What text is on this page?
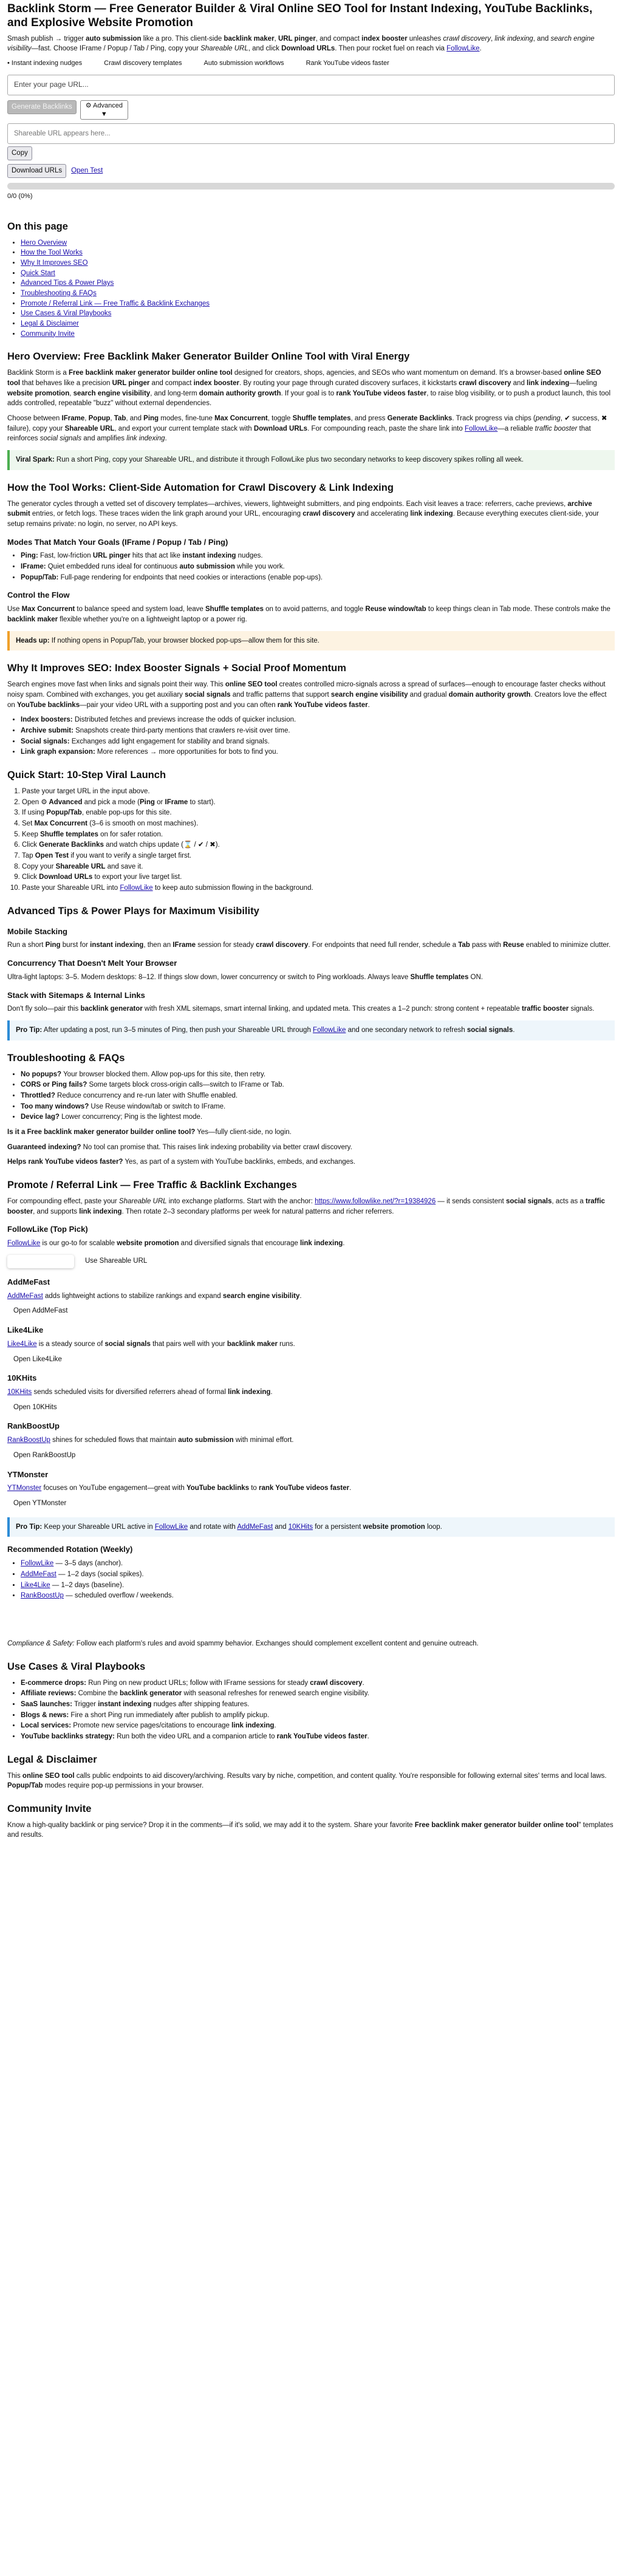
Backlink Storm — Free Generator Builder & Viral Online SEO Tool for Instant Indexing, YouTube Backlinks, and Explosive Website Promotion

Smash publish → trigger auto submission like a pro. This client-side backlink maker, URL pinger, and compact index booster unleashes crawl discovery, link indexing, and search engine visibility—fast. Choose IFrame / Popup / Tab / Ping, copy your Shareable URL, and click Download URLs. Then pour rocket fuel on reach via FollowLike.

• Instant indexing nudges	Crawl discovery templates	Auto submission workflows	Rank YouTube videos faster
Enter your page URL...
Generate Backlinks	⚙ Advanced
▼
Shareable URL appears here...
Copy
Download URLs	Open Test
0/0 (0%)
On this page
• Hero Overview
• How the Tool Works
• Why It Improves SEO
• Quick Start
• Advanced Tips & Power Plays
• Troubleshooting & FAQs
• Promote / Referral Link — Free Traffic & Backlink Exchanges
• Use Cases & Viral Playbooks
• Legal & Disclaimer
• Community Invite
Hero Overview: Free Backlink Maker Generator Builder Online Tool with Viral Energy

Backlink Storm is a Free backlink maker generator builder online tool designed for creators, shops, agencies, and SEOs who want momentum on demand. It's a browser-based online SEO tool that behaves like a precision URL pinger and compact index booster. By routing your page through curated discovery surfaces, it kickstarts crawl discovery and link indexing—fueling website promotion, search engine visibility, and long-term domain authority growth. If your goal is to rank YouTube videos faster, to raise blog visibility, or to push a product launch, this tool adds controlled, repeatable "buzz" without external dependencies.

Choose between IFrame, Popup, Tab, and Ping modes, fine-tune Max Concurrent, toggle Shuffle templates, and press Generate Backlinks. Track progress via chips (pending, ✔ success, ✖ failure), copy your Shareable URL, and export your current template stack with Download URLs. For compounding reach, paste the share link into FollowLike—a reliable traffic booster that reinforces social signals and amplifies link indexing.

Viral Spark: Run a short Ping, copy your Shareable URL, and distribute it through FollowLike plus two secondary networks to keep discovery spikes rolling all week.
How the Tool Works: Client-Side Automation for Crawl Discovery & Link Indexing

The generator cycles through a vetted set of discovery templates—archives, viewers, lightweight submitters, and ping endpoints. Each visit leaves a trace: referrers, cache previews, archive submit entries, or fetch logs. These traces widen the link graph around your URL, encouraging crawl discovery and accelerating link indexing. Because everything executes client-side, your setup remains private: no login, no server, no API keys.

Modes That Match Your Goals (IFrame / Popup / Tab / Ping)
• Ping: Fast, low-friction URL pinger hits that act like instant indexing nudges.
• IFrame: Quiet embedded runs ideal for continuous auto submission while you work.
• Popup/Tab: Full-page rendering for endpoints that need cookies or interactions (enable pop-ups).
Control the Flow

Use Max Concurrent to balance speed and system load, leave Shuffle templates on to avoid patterns, and toggle Reuse window/tab to keep things clean in Tab mode. These controls make the backlink maker flexible whether you're on a lightweight laptop or a power rig.

Heads up: If nothing opens in Popup/Tab, your browser blocked pop-ups—allow them for this site.
Why It Improves SEO: Index Booster Signals + Social Proof Momentum

Search engines move fast when links and signals point their way. This online SEO tool creates controlled micro-signals across a spread of surfaces—enough to encourage faster checks without noisy spam. Combined with exchanges, you get auxiliary social signals and traffic patterns that support search engine visibility and gradual domain authority growth. Creators love the effect on YouTube backlinks—pair your video URL with a supporting post and you can often rank YouTube videos faster.

• Index boosters: Distributed fetches and previews increase the odds of quicker inclusion.
• Archive submit: Snapshots create third-party mentions that crawlers re-visit over time.
• Social signals: Exchanges add light engagement for stability and brand signals.
• Link graph expansion: More references → more opportunities for bots to find you.
Quick Start: 10-Step Viral Launch
1. Paste your target URL in the input above.
2. Open ⚙ Advanced and pick a mode (Ping or IFrame to start).
3. If using Popup/Tab, enable pop-ups for this site.
4. Set Max Concurrent (3–6 is smooth on most machines).
5. Keep Shuffle templates on for safer rotation.
6. Click Generate Backlinks and watch chips update (⌛ / ✔ / ✖).
7. Tap Open Test if you want to verify a single target first.
8. Copy your Shareable URL and save it.
9. Click Download URLs to export your live target list.
10. Paste your Shareable URL into FollowLike to keep auto submission flowing in the background.
Advanced Tips & Power Plays for Maximum Visibility
Mobile Stacking

Run a short Ping burst for instant indexing, then an IFrame session for steady crawl discovery. For endpoints that need full render, schedule a Tab pass with Reuse enabled to minimize clutter.

Concurrency That Doesn't Melt Your Browser

Ultra-light laptops: 3–5. Modern desktops: 8–12. If things slow down, lower concurrency or switch to Ping workloads. Always leave Shuffle templates ON.

Stack with Sitemaps & Internal Links

Don't fly solo—pair this backlink generator with fresh XML sitemaps, smart internal linking, and updated meta. This creates a 1–2 punch: strong content + repeatable traffic booster signals.

Pro Tip: After updating a post, run 3–5 minutes of Ping, then push your Shareable URL through FollowLike and one secondary network to refresh social signals.
Troubleshooting & FAQs
• No popups? Your browser blocked them. Allow pop-ups for this site, then retry.
• CORS or Ping fails? Some targets block cross-origin calls—switch to IFrame or Tab.
• Throttled? Reduce concurrency and re-run later with Shuffle enabled.
• Too many windows? Use Reuse window/tab or switch to IFrame.
• Device lag? Lower concurrency; Ping is the lightest mode.

Is it a Free backlink maker generator builder online tool? Yes—fully client-side, no login.

Guaranteed indexing? No tool can promise that. This raises link indexing probability via better crawl discovery.

Helps rank YouTube videos faster? Yes, as part of a system with YouTube backlinks, embeds, and exchanges.

Promote / Referral Link — Free Traffic & Backlink Exchanges

For compounding effect, paste your Shareable URL into exchange platforms. Start with the anchor: https://www.followlike.net/?r=19384926 — it sends consistent social signals, acts as a traffic booster, and supports link indexing. Then rotate 2–3 secondary platforms per week for natural patterns and richer referrers.

FollowLike (Top Pick)

FollowLike is our go-to for scalable website promotion and diversified signals that encourage link indexing.

Use Shareable URL
AddMeFast

AddMeFast adds lightweight actions to stabilize rankings and expand search engine visibility.

Open AddMeFast
Like4Like

Like4Like is a steady source of social signals that pairs well with your backlink maker runs.

Open Like4Like
10KHits

10KHits sends scheduled visits for diversified referrers ahead of formal link indexing.

Open 10KHits
RankBoostUp

RankBoostUp shines for scheduled flows that maintain auto submission with minimal effort.

Open RankBoostUp
YTMonster

YTMonster focuses on YouTube engagement—great with YouTube backlinks to rank YouTube videos faster.

Open YTMonster
Pro Tip: Keep your Shareable URL active in FollowLike and rotate with AddMeFast and 10KHits for a persistent website promotion loop.
Recommended Rotation (Weekly)
• FollowLike — 3–5 days (anchor).
• AddMeFast — 1–2 days (social spikes).
• Like4Like — 1–2 days (baseline).
• RankBoostUp — scheduled overflow / weekends.

Compliance & Safety: Follow each platform's rules and avoid spammy behavior. Exchanges should complement excellent content and genuine outreach.

Use Cases & Viral Playbooks
• E-commerce drops: Run Ping on new product URLs; follow with IFrame sessions for steady crawl discovery.
• Affiliate reviews: Combine the backlink generator with seasonal refreshes for renewed search engine visibility.
• SaaS launches: Trigger instant indexing nudges after shipping features.
• Blogs & news: Fire a short Ping run immediately after publish to amplify pickup.
• Local services: Promote new service pages/citations to encourage link indexing.
• YouTube backlinks strategy: Run both the video URL and a companion article to rank YouTube videos faster.
Legal & Disclaimer

This online SEO tool calls public endpoints to aid discovery/archiving. Results vary by niche, competition, and content quality. You're responsible for following external sites' terms and local laws. Popup/Tab modes require pop-up permissions in your browser.

Community Invite

Know a high-quality backlink or ping service? Drop it in the comments—if it's solid, we may add it to the system. Share your favorite Free backlink maker generator builder online tool" templates and results.
